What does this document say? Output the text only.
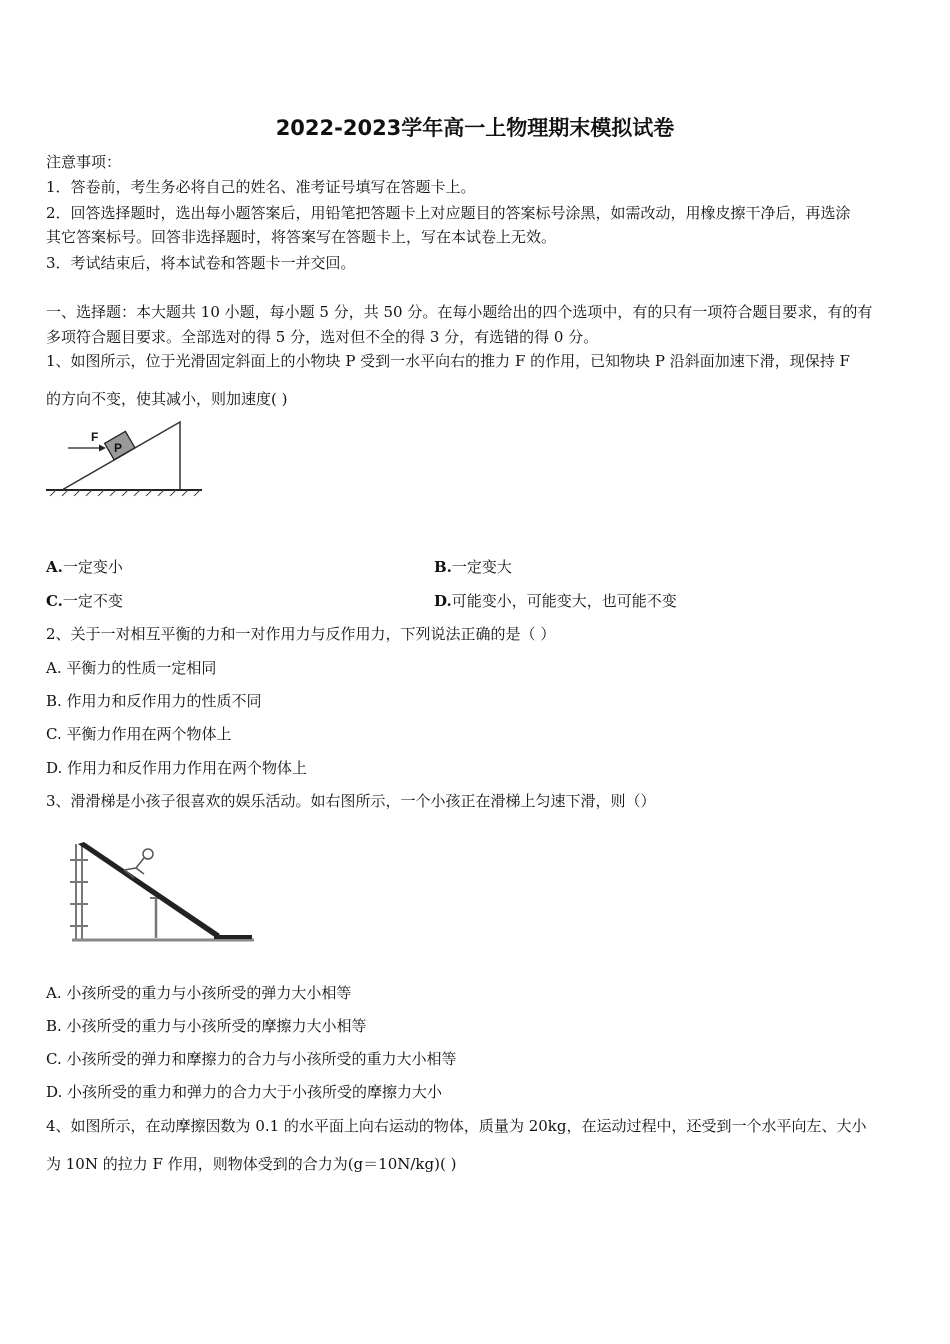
2022-2023学年高一上物理期末模拟试卷
注意事项：
1．答卷前，考生务必将自己的姓名、准考证号填写在答题卡上。
2．回答选择题时，选出每小题答案后，用铅笔把答题卡上对应题目的答案标号涂黑，如需改动，用橡皮擦干净后，再选涂
其它答案标号。回答非选择题时，将答案写在答题卡上，写在本试卷上无效。
3．考试结束后，将本试卷和答题卡一并交回。
一、选择题：本大题共 10 小题，每小题 5 分，共 50 分。在每小题给出的四个选项中，有的只有一项符合题目要求，有的有
多项符合题目要求。全部选对的得 5 分，选对但不全的得 3 分，有选错的得 0 分。
1、如图所示，位于光滑固定斜面上的小物块 P 受到一水平向右的推力 F 的作用，已知物块 P 沿斜面加速下滑，现保持 F
的方向不变，使其减小，则加速度( )
P
F
A.一定变小	B.一定变大
C.一定不变	D.可能变小，可能变大，也可能不变
2、关于一对相互平衡的力和一对作用力与反作用力，下列说法正确的是（ ）
A. 平衡力的性质一定相同
B. 作用力和反作用力的性质不同
C. 平衡力作用在两个物体上
D. 作用力和反作用力作用在两个物体上
3、滑滑梯是小孩子很喜欢的娱乐活动。如右图所示，一个小孩正在滑梯上匀速下滑，则（）
A. 小孩所受的重力与小孩所受的弹力大小相等
B. 小孩所受的重力与小孩所受的摩擦力大小相等
C. 小孩所受的弹力和摩擦力的合力与小孩所受的重力大小相等
D. 小孩所受的重力和弹力的合力大于小孩所受的摩擦力大小
4、如图所示，在动摩擦因数为 0.1 的水平面上向右运动的物体，质量为 20kg，在运动过程中，还受到一个水平向左、大小
为 10N 的拉力 F 作用，则物体受到的合力为(g＝10N/kg)( )
